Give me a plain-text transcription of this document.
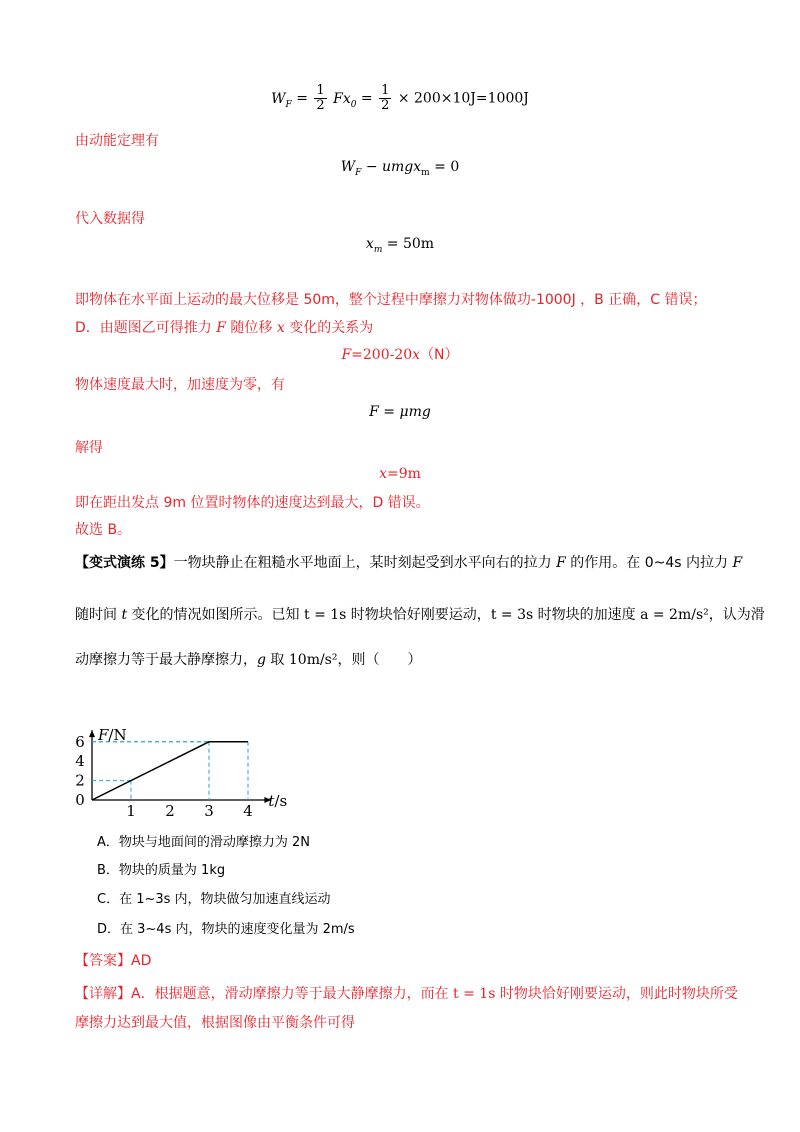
$W_F = \frac{1}{2} Fx_0 = \frac{1}{2} \times 200\times 10J=1000J$
由动能定理有
$W_F$ − umgx$_m$ = 0
代入数据得
$x_m = 50m$
即物体在水平面上运动的最大位移是 50m，整个过程中摩擦力对物体做功-1000J ，B 正确，C 错误；
D．由题图乙可得推力 F 随位移 x 变化的关系为
F=200-20x（N）
物体速度最大时，加速度为零，有
F = μmg
解得
x=9m
即在距出发点 9m 位置时物体的速度达到最大，D 错误。
故选 B。
【变式演练 5】一物块静止在粗糙水平地面上，某时刻起受到水平向右的拉力 F 的作用。在 0~4s 内拉力 F
随时间 t 变化的情况如图所示。已知 t = 1s 时物块恰好刚要运动，t = 3s 时物块的加速度 a = 2m/s²，认为滑
动摩擦力等于最大静摩擦力，g 取 10m/s²，则（　　）
1 2 3 4
2
4
6
0
F/N
t/s
A．物块与地面间的滑动摩擦力为 2N
B．物块的质量为 1kg
C．在 1~3s 内，物块做匀加速直线运动
D．在 3~4s 内，物块的速度变化量为 2m/s
【答案】AD
【详解】A．根据题意，滑动摩擦力等于最大静摩擦力，而在 t = 1s 时物块恰好刚要运动，则此时物块所受
摩擦力达到最大值，根据图像由平衡条件可得
